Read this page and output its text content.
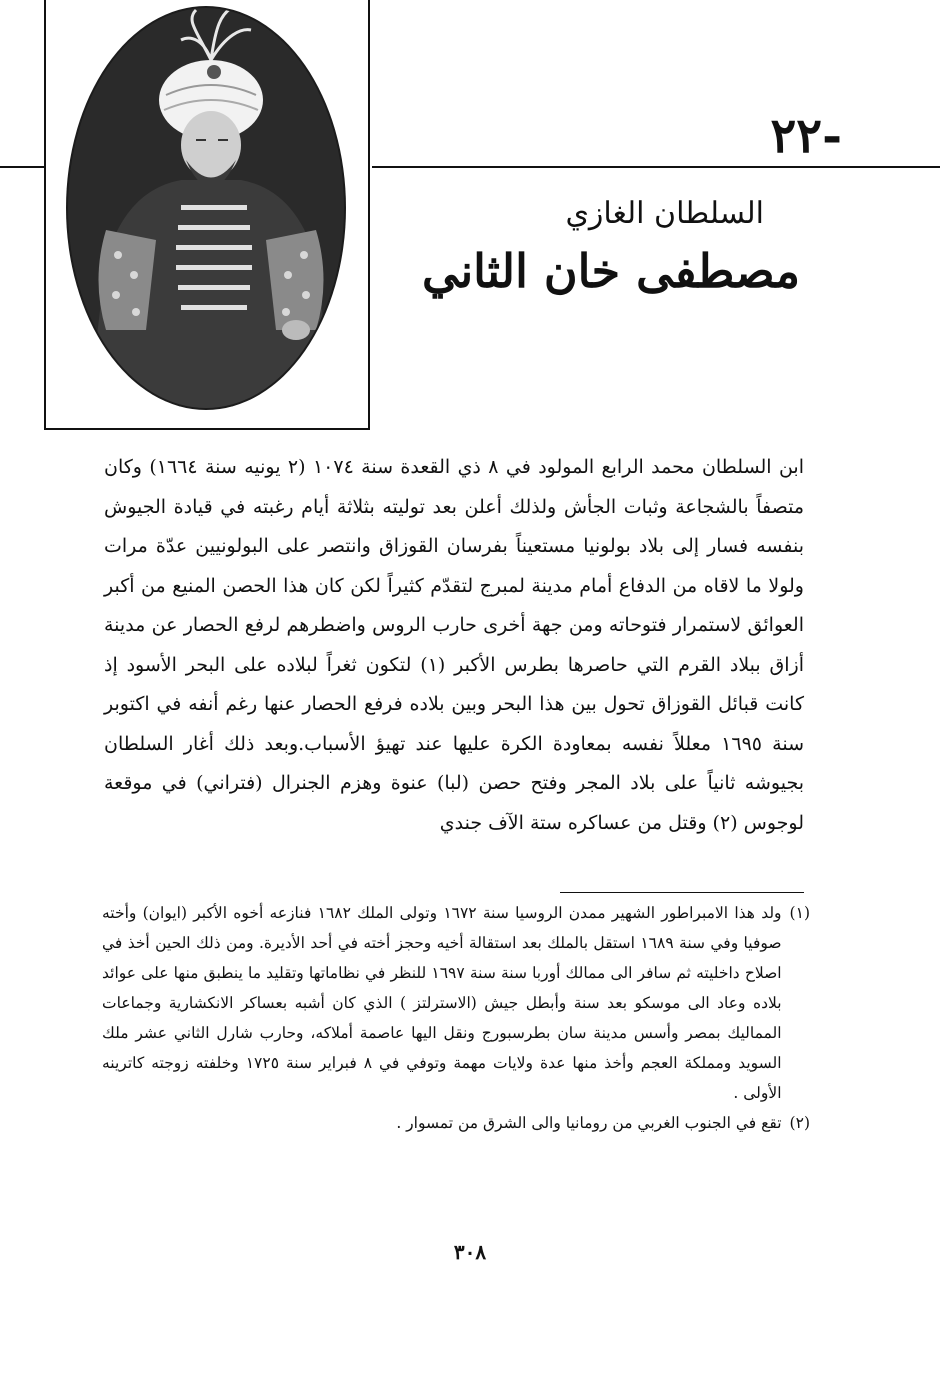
-٢٢
السلطان الغازي
مصطفى خان الثاني

ابن السلطان محمد الرابع المولود في ٨ ذي القعدة سنة ١٠٧٤ (٢ يونيه سنة ١٦٦٤) وكان متصفاً بالشجاعة وثبات الجأش ولذلك أعلن بعد توليته بثلاثة أيام رغبته في قيادة الجيوش بنفسه فسار إلى بلاد بولونيا مستعيناً بفرسان القوزاق وانتصر على البولونيين عدّة مرات ولولا ما لاقاه من الدفاع أمام مدينة لمبرج لتقدّم كثيراً لكن كان هذا الحصن المنيع من أكبر العوائق لاستمرار فتوحاته ومن جهة أخرى حارب الروس واضطرهم لرفع الحصار عن مدينة أزاق ببلاد القرم التي حاصرها بطرس الأكبر (١) لتكون ثغراً لبلاده على البحر الأسود إذ كانت قبائل القوزاق تحول بين هذا البحر وبين بلاده فرفع الحصار عنها رغم أنفه في اكتوبر سنة ١٦٩٥ معللاً نفسه بمعاودة الكرة عليها عند تهيؤ الأسباب.وبعد ذلك أغار السلطان بجيوشه ثانياً على بلاد المجر وفتح حصن (لبا) عنوة وهزم الجنرال (فتراني) في موقعة لوجوس (٢) وقتل من عساكره ستة الآف جندي

(١)
ولد هذا الامبراطور الشهير ممدن الروسيا سنة ١٦٧٢ وتولى الملك ١٦٨٢ فنازعه أخوه الأكبر (ايوان) وأخته صوفيا وفي سنة ١٦٨٩ استقل بالملك بعد استقالة أخيه وحجز أخته في أحد الأديرة. ومن ذلك الحين أخذ في اصلاح داخليته ثم سافر الى ممالك أوربا سنة سنة ١٦٩٧ للنظر في نظاماتها وتقليد ما ينطبق منها على عوائد بلاده وعاد الى موسكو بعد سنة وأبطل جيش (الاسترلتز ) الذي كان أشبه بعساكر الانكشارية وجماعات المماليك بمصر وأسس مدينة سان بطرسبورج ونقل اليها عاصمة أملاكه، وحارب شارل الثاني عشر ملك السويد ومملكة العجم وأخذ منها عدة ولايات مهمة وتوفي في ٨ فبراير سنة ١٧٢٥ وخلفته زوجته كاترينه الأولى .
(٢)
تقع في الجنوب الغربي من رومانيا والى الشرق من تمسوار .
٣٠٨
